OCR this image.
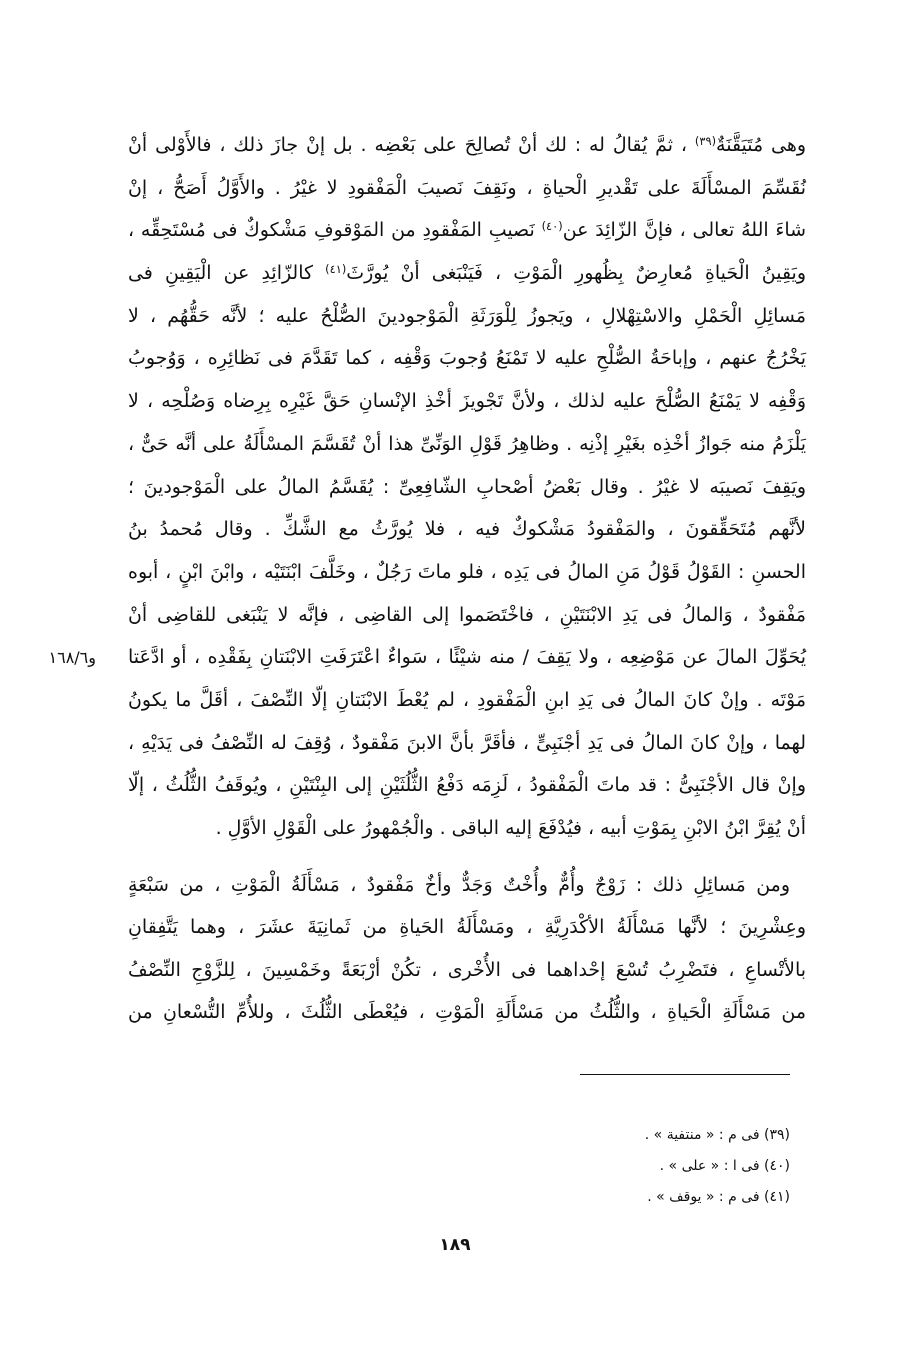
١٦٨/٦و
وهى مُتَيَقَّنَةٌ$^{(٣٩)}$ ، ثمَّ يُقالُ له : لك أنْ تُصالِحَ على بَعْضِه . بل إنْ جازَ ذلك ، فالأَوْلى أنْ
نُقَسِّمَ المسْأَلَةَ على تَقْديرِ الْحياةِ ، ونَقِفَ نَصيبَ الْمَفْقودِ لا غيْرُ . والأَوَّلُ أَصَحُّ ، إنْ
شاءَ اللهُ تعالى ، فإنَّ الزّائِدَ عن$^{(٤٠)}$ نَصيبِ المَفْقودِ من المَوْقوفِ مَشْكوكٌ فى مُسْتَحِقِّه ،
ويَقِينُ الْحَياةِ مُعارِضٌ بِظُهورِ الْمَوْتِ ، فَيَنْبَغى أنْ يُورَّثَ$^{(٤١)}$ كالزّائِدِ عن الْيَقِينِ فى
مَسائِلِ الْحَمْلِ والاسْتِهْلالِ ، ويَجوزُ لِلْوَرَثَةِ الْمَوْجودينَ الصُّلْحُ عليه ؛ لأنَّه حَقُّهُم ، لا
يَخْرُجُ عنهم ، وإباحَةُ الصُّلْحِ عليه لا تَمْنَعُ وُجوبَ وَقْفِه ، كما تَقَدَّمَ فى نَظائِرِه ، وَوُجوبُ
وَقْفِه لا يَمْنَعُ الصُّلْحَ عليه لذلك ، ولأنَّ تَجْويزَ أخْذِ الإنْسانِ حَقَّ غَيْرِه بِرِضاه وَصُلْحِه ، لا
يَلْزَمُ منه جَوازُ أخْذِه بغَيْرِ إذْنِه . وظاهِرُ قَوْلِ الوَنِّىِّ هذا أنْ تُقَسَّمَ المسْأَلَةُ على أنَّه حَىٌّ ،
ويَقِفَ نَصيبَه لا غيْرُ . وقال بَعْضُ أصْحابِ الشّافِعِىِّ : يُقَسَّمُ المالُ على الْمَوْجودينَ ؛
لأنَّهم مُتَحَقِّقونَ ، والمَفْقودُ مَشْكوكٌ فيه ، فلا يُورَّثُ مع الشَّكِّ . وقال مُحمدُ بنُ
الحسنِ : القَوْلُ قَوْلُ مَنِ المالُ فى يَدِه ، فلو ماتَ رَجُلٌ ، وخَلَّفَ ابْنَتَيْه ، وابْنَ ابْنٍ ، أبوه
مَفْقودٌ ، وَالمالُ فى يَدِ الابْنَتَيْنِ ، فاخْتَصَموا إلى القاضِى ، فإنَّه لا يَنْبَغى للقاضِى أنْ
يُحَوِّلَ المالَ عن مَوْضِعِه ، ولا يَقِفَ / منه شيْئًا ، سَواءٌ اعْتَرَفَتِ الابْنَتانِ بِفَقْدِه ، أو ادَّعَتا
مَوْتَه . وإنْ كانَ المالُ فى يَدِ ابنِ الْمَفْقودِ ، لم يُعْطَ الابْنَتانِ إلّا النِّصْفَ ، أقَلَّ ما يكونُ
لهما ، وإنْ كانَ المالُ فى يَدِ أجْنَبِىٍّ ، فأقَرَّ بأنَّ الابنَ مَفْقودٌ ، وُقِفَ له النِّصْفُ فى يَدَيْهِ ،
وإنْ قال الأجْنَبِىُّ : قد ماتَ الْمَفْقودُ ، لَزِمَه دَفْعُ الثُّلُثَيْنِ إلى البِنْتَيْنِ ، ويُوقَفُ الثُّلُثُ ، إلّا
أنْ يُقِرَّ ابْنُ الابْنِ بِمَوْتِ أبيه ، فيُدْفَعَ إليه الباقى . والْجُمْهورُ على الْقَوْلِ الأوَّلِ .
ومن مَسائِلِ ذلك : زَوْجٌ وأُمٌّ وأُخْتٌ وَجَدٌّ وأخٌ مَفْقودٌ ، مَسْأَلَةُ الْمَوْتِ ، من سَبْعَةٍ
وعِشْرِينَ ؛ لأنَّها مَسْأَلَةُ الأكْدَرِيَّةِ ، ومَسْأَلَةُ الحَياةِ من ثَمانِيَةَ عشَرَ ، وهما يَتَّفِقانِ
بالأتْساعِ ، فتَضْرِبُ تُسْعَ إحْداهما فى الأُخْرى ، تكُنْ أرْبَعَةً وخَمْسِينَ ، لِلزَّوْجِ النِّصْفُ
من مَسْأَلَةِ الْحَياةِ ، والثُّلُثُ من مَسْأَلَةِ الْمَوْتِ ، فيُعْطَى الثُّلُثَ ، وللأُمِّ التُّسْعانِ من
(٣٩) فى م : « منتفية » .
(٤٠) فى ا : « على » .
(٤١) فى م : « يوقف » .
١٨٩
